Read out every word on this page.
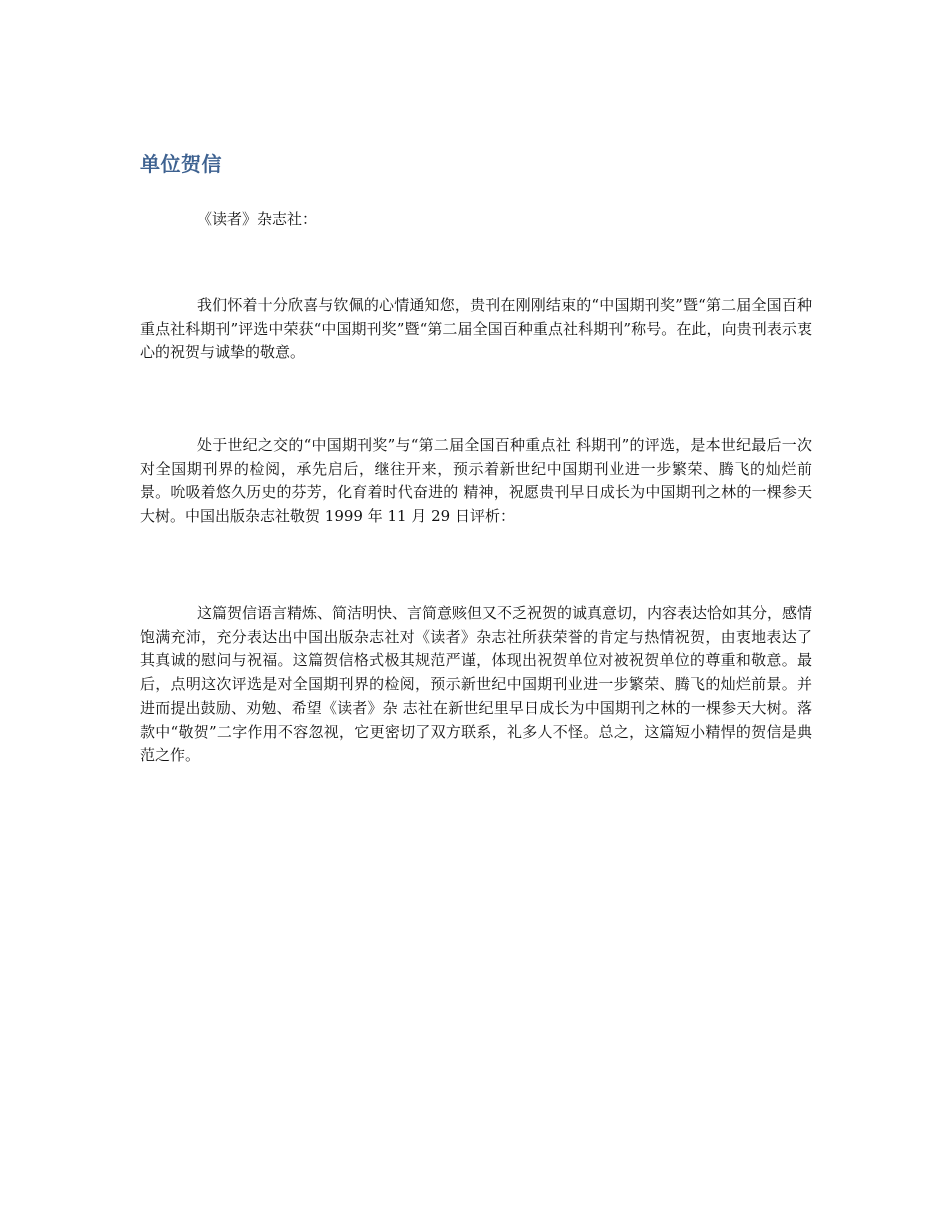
单位贺信

《读者》杂志社：

我们怀着十分欣喜与钦佩的心情通知您，贵刊在刚刚结束的“中国期刊奖”暨“第二届全国百种重点社科期刊”评选中荣获“中国期刊奖”暨“第二届全国百种重点社科期刊”称号。在此，向贵刊表示衷心的祝贺与诚挚的敬意。

处于世纪之交的“中国期刊奖”与“第二届全国百种重点社 科期刊”的评选，是本世纪最后一次对全国期刊界的检阅，承先启后，继往开来，预示着新世纪中国期刊业进一步繁荣、腾飞的灿烂前景。吮吸着悠久历史的芬芳，化育着时代奋进的 精神，祝愿贵刊早日成长为中国期刊之林的一棵参天大树。中国出版杂志社敬贺 1999 年 11 月 29 日评析：

这篇贺信语言精炼、简洁明快、言简意赅但又不乏祝贺的诚真意切，内容表达恰如其分，感情饱满充沛，充分表达出中国出版杂志社对《读者》杂志社所获荣誉的肯定与热情祝贺，由衷地表达了其真诚的慰问与祝福。这篇贺信格式极其规范严谨，体现出祝贺单位对被祝贺单位的尊重和敬意。最后，点明这次评选是对全国期刊界的检阅，预示新世纪中国期刊业进一步繁荣、腾飞的灿烂前景。并进而提出鼓励、劝勉、希望《读者》杂 志社在新世纪里早日成长为中国期刊之林的一棵参天大树。落款中“敬贺”二字作用不容忽视，它更密切了双方联系，礼多人不怪。总之，这篇短小精悍的贺信是典范之作。
